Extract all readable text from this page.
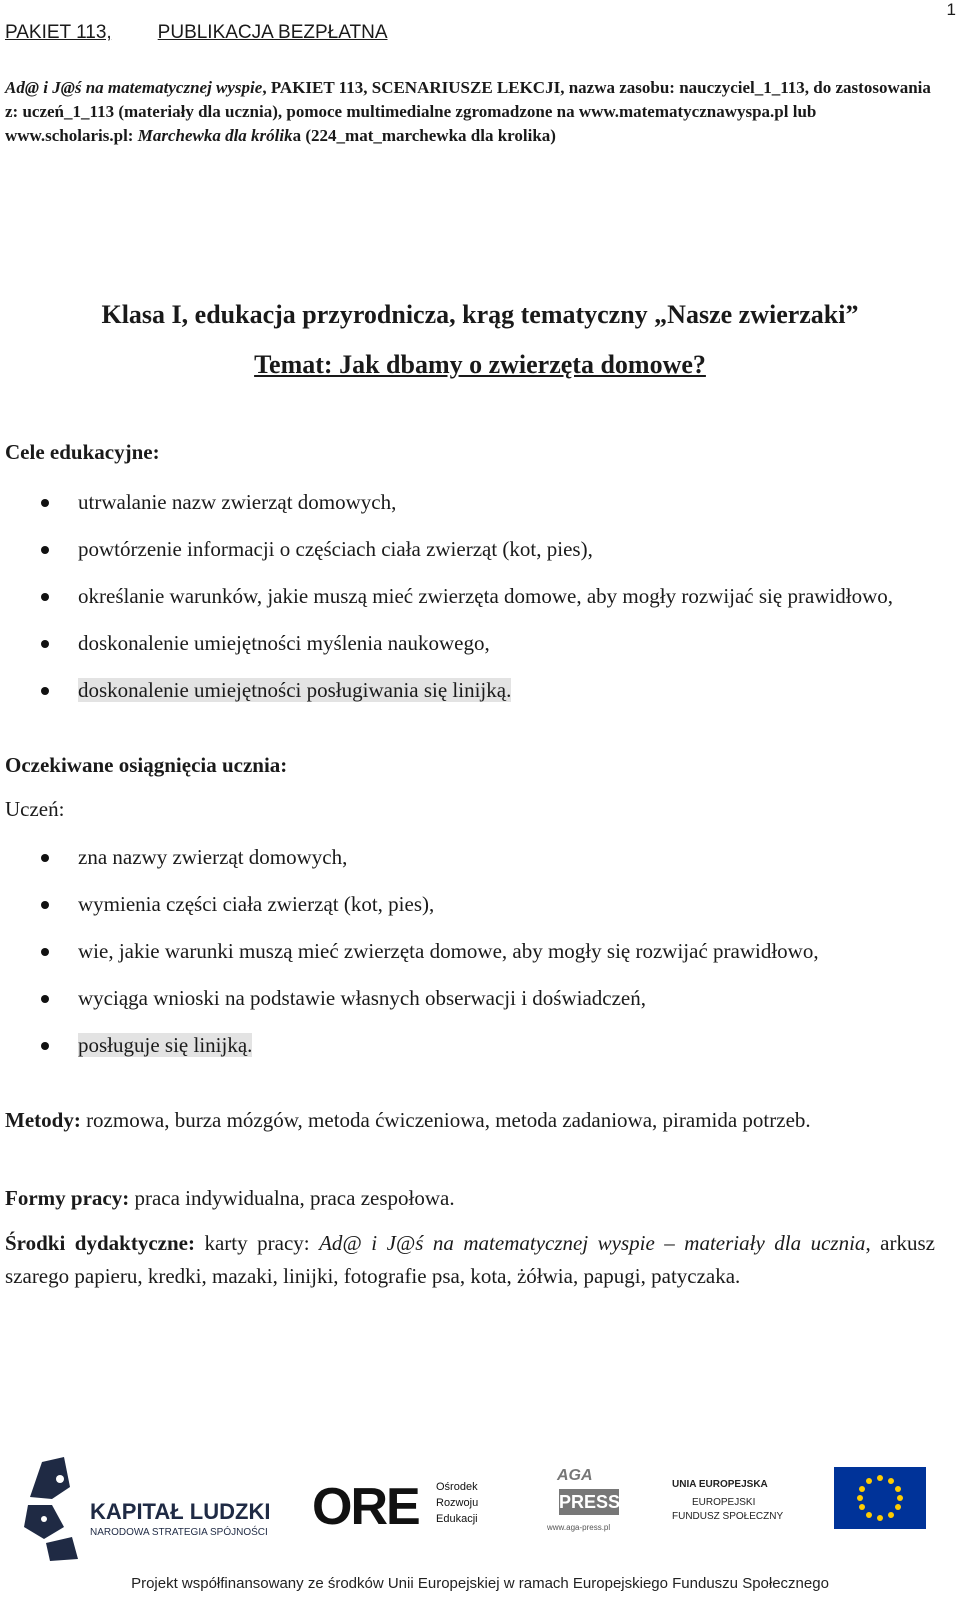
PAKIET 113, PUBLIKACJA BEZPŁATNA
1
Ad@ i J@ś na matematycznej wyspie, PAKIET 113, SCENARIUSZE LEKCJI, nazwa zasobu: nauczyciel_1_113, do zastosowania z: uczeń_1_113 (materiały dla ucznia), pomoce multimedialne zgromadzone na www.matematycznawyspa.pl lub www.scholaris.pl: Marchewka dla królika (224_mat_marchewka dla krolika)
Klasa I, edukacja przyrodnicza, krąg tematyczny „Nasze zwierzaki”
Temat: Jak dbamy o zwierzęta domowe?
Cele edukacyjne:
utrwalanie nazw zwierząt domowych,
powtórzenie informacji o częściach ciała zwierząt (kot, pies),
określanie warunków, jakie muszą mieć zwierzęta domowe, aby mogły rozwijać się prawidłowo,
doskonalenie umiejętności myślenia naukowego,
doskonalenie umiejętności posługiwania się linijką.
Oczekiwane osiągnięcia ucznia:
Uczeń:
zna nazwy zwierząt domowych,
wymienia części ciała zwierząt (kot, pies),
wie, jakie warunki muszą mieć zwierzęta domowe, aby mogły się rozwijać prawidłowo,
wyciąga wnioski na podstawie własnych obserwacji i doświadczeń,
posługuje się linijką.
Metody: rozmowa, burza mózgów, metoda ćwiczeniowa, metoda zadaniowa, piramida potrzeb.
Formy pracy: praca indywidualna, praca zespołowa.
Środki dydaktyczne: karty pracy: Ad@ i J@ś na matematycznej wyspie – materiały dla ucznia, arkusz szarego papieru, kredki, mazaki, linijki, fotografie psa, kota, żółwia, papugi, patyczaka.
KAPITAŁ LUDZKI
NARODOWA STRATEGIA SPÓJNOŚCI ORE Ośrodek
Rozwoju
Edukacji
AGA
PRESS
www.aga-press.pl
UNIA EUROPEJSKA
EUROPEJSKI
FUNDUSZ SPOŁECZNY
Projekt współfinansowany ze środków Unii Europejskiej w ramach Europejskiego Funduszu Społecznego
